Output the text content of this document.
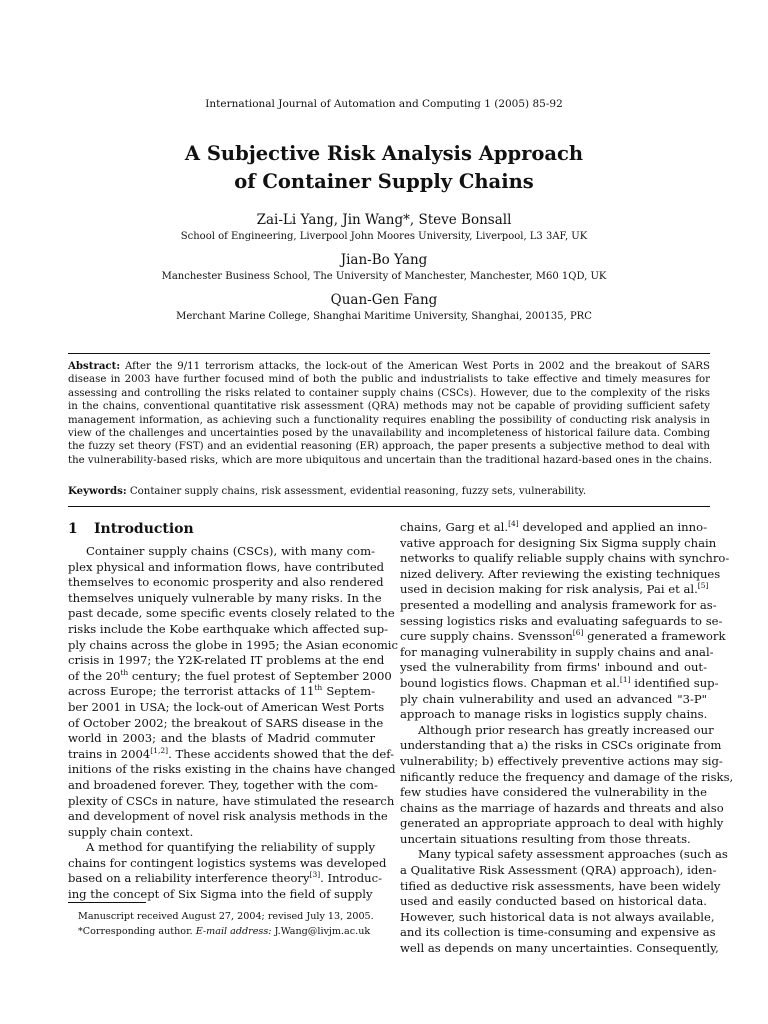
International Journal of Automation and Computing 1 (2005) 85-92
A Subjective Risk Analysis Approach
of Container Supply Chains
Zai-Li Yang, Jin Wang*, Steve Bonsall
School of Engineering, Liverpool John Moores University, Liverpool, L3 3AF, UK
Jian-Bo Yang
Manchester Business School, The University of Manchester, Manchester, M60 1QD, UK
Quan-Gen Fang
Merchant Marine College, Shanghai Maritime University, Shanghai, 200135, PRC
Abstract: After the 9/11 terrorism attacks, the lock-out of the American West Ports in 2002 and the breakout of SARS
disease in 2003 have further focused mind of both the public and industrialists to take effective and timely measures for
assessing and controlling the risks related to container supply chains (CSCs). However, due to the complexity of the risks
in the chains, conventional quantitative risk assessment (QRA) methods may not be capable of providing sufficient safety
management information, as achieving such a functionality requires enabling the possibility of conducting risk analysis in
view of the challenges and uncertainties posed by the unavailability and incompleteness of historical failure data. Combing
the fuzzy set theory (FST) and an evidential reasoning (ER) approach, the paper presents a subjective method to deal with
the vulnerability-based risks, which are more ubiquitous and uncertain than the traditional hazard-based ones in the chains.
Keywords: Container supply chains, risk assessment, evidential reasoning, fuzzy sets, vulnerability.
1 Introduction
Container supply chains (CSCs), with many com-
plex physical and information flows, have contributed
themselves to economic prosperity and also rendered
themselves uniquely vulnerable by many risks. In the
past decade, some specific events closely related to the
risks include the Kobe earthquake which affected sup-
ply chains across the globe in 1995; the Asian economic
crisis in 1997; the Y2K-related IT problems at the end
of the 20th century; the fuel protest of September 2000
across Europe; the terrorist attacks of 11th Septem-
ber 2001 in USA; the lock-out of American West Ports
of October 2002; the breakout of SARS disease in the
world in 2003; and the blasts of Madrid commuter
trains in 2004[1,2]. These accidents showed that the def-
initions of the risks existing in the chains have changed
and broadened forever. They, together with the com-
plexity of CSCs in nature, have stimulated the research
and development of novel risk analysis methods in the
supply chain context.
A method for quantifying the reliability of supply
chains for contingent logistics systems was developed
based on a reliability interference theory[3]. Introduc-
ing the concept of Six Sigma into the field of supply
chains, Garg et al.[4] developed and applied an inno-
vative approach for designing Six Sigma supply chain
networks to qualify reliable supply chains with synchro-
nized delivery. After reviewing the existing techniques
used in decision making for risk analysis, Pai et al.[5]
presented a modelling and analysis framework for as-
sessing logistics risks and evaluating safeguards to se-
cure supply chains. Svensson[6] generated a framework
for managing vulnerability in supply chains and anal-
ysed the vulnerability from firms' inbound and out-
bound logistics flows. Chapman et al.[1] identified sup-
ply chain vulnerability and used an advanced "3-P"
approach to manage risks in logistics supply chains.
Although prior research has greatly increased our
understanding that a) the risks in CSCs originate from
vulnerability; b) effectively preventive actions may sig-
nificantly reduce the frequency and damage of the risks,
few studies have considered the vulnerability in the
chains as the marriage of hazards and threats and also
generated an appropriate approach to deal with highly
uncertain situations resulting from those threats.
Many typical safety assessment approaches (such as
a Qualitative Risk Assessment (QRA) approach), iden-
tified as deductive risk assessments, have been widely
used and easily conducted based on historical data.
However, such historical data is not always available,
and its collection is time-consuming and expensive as
well as depends on many uncertainties. Consequently,
Manuscript received August 27, 2004; revised July 13, 2005.
*Corresponding author. E-mail address: J.Wang@livjm.ac.uk
